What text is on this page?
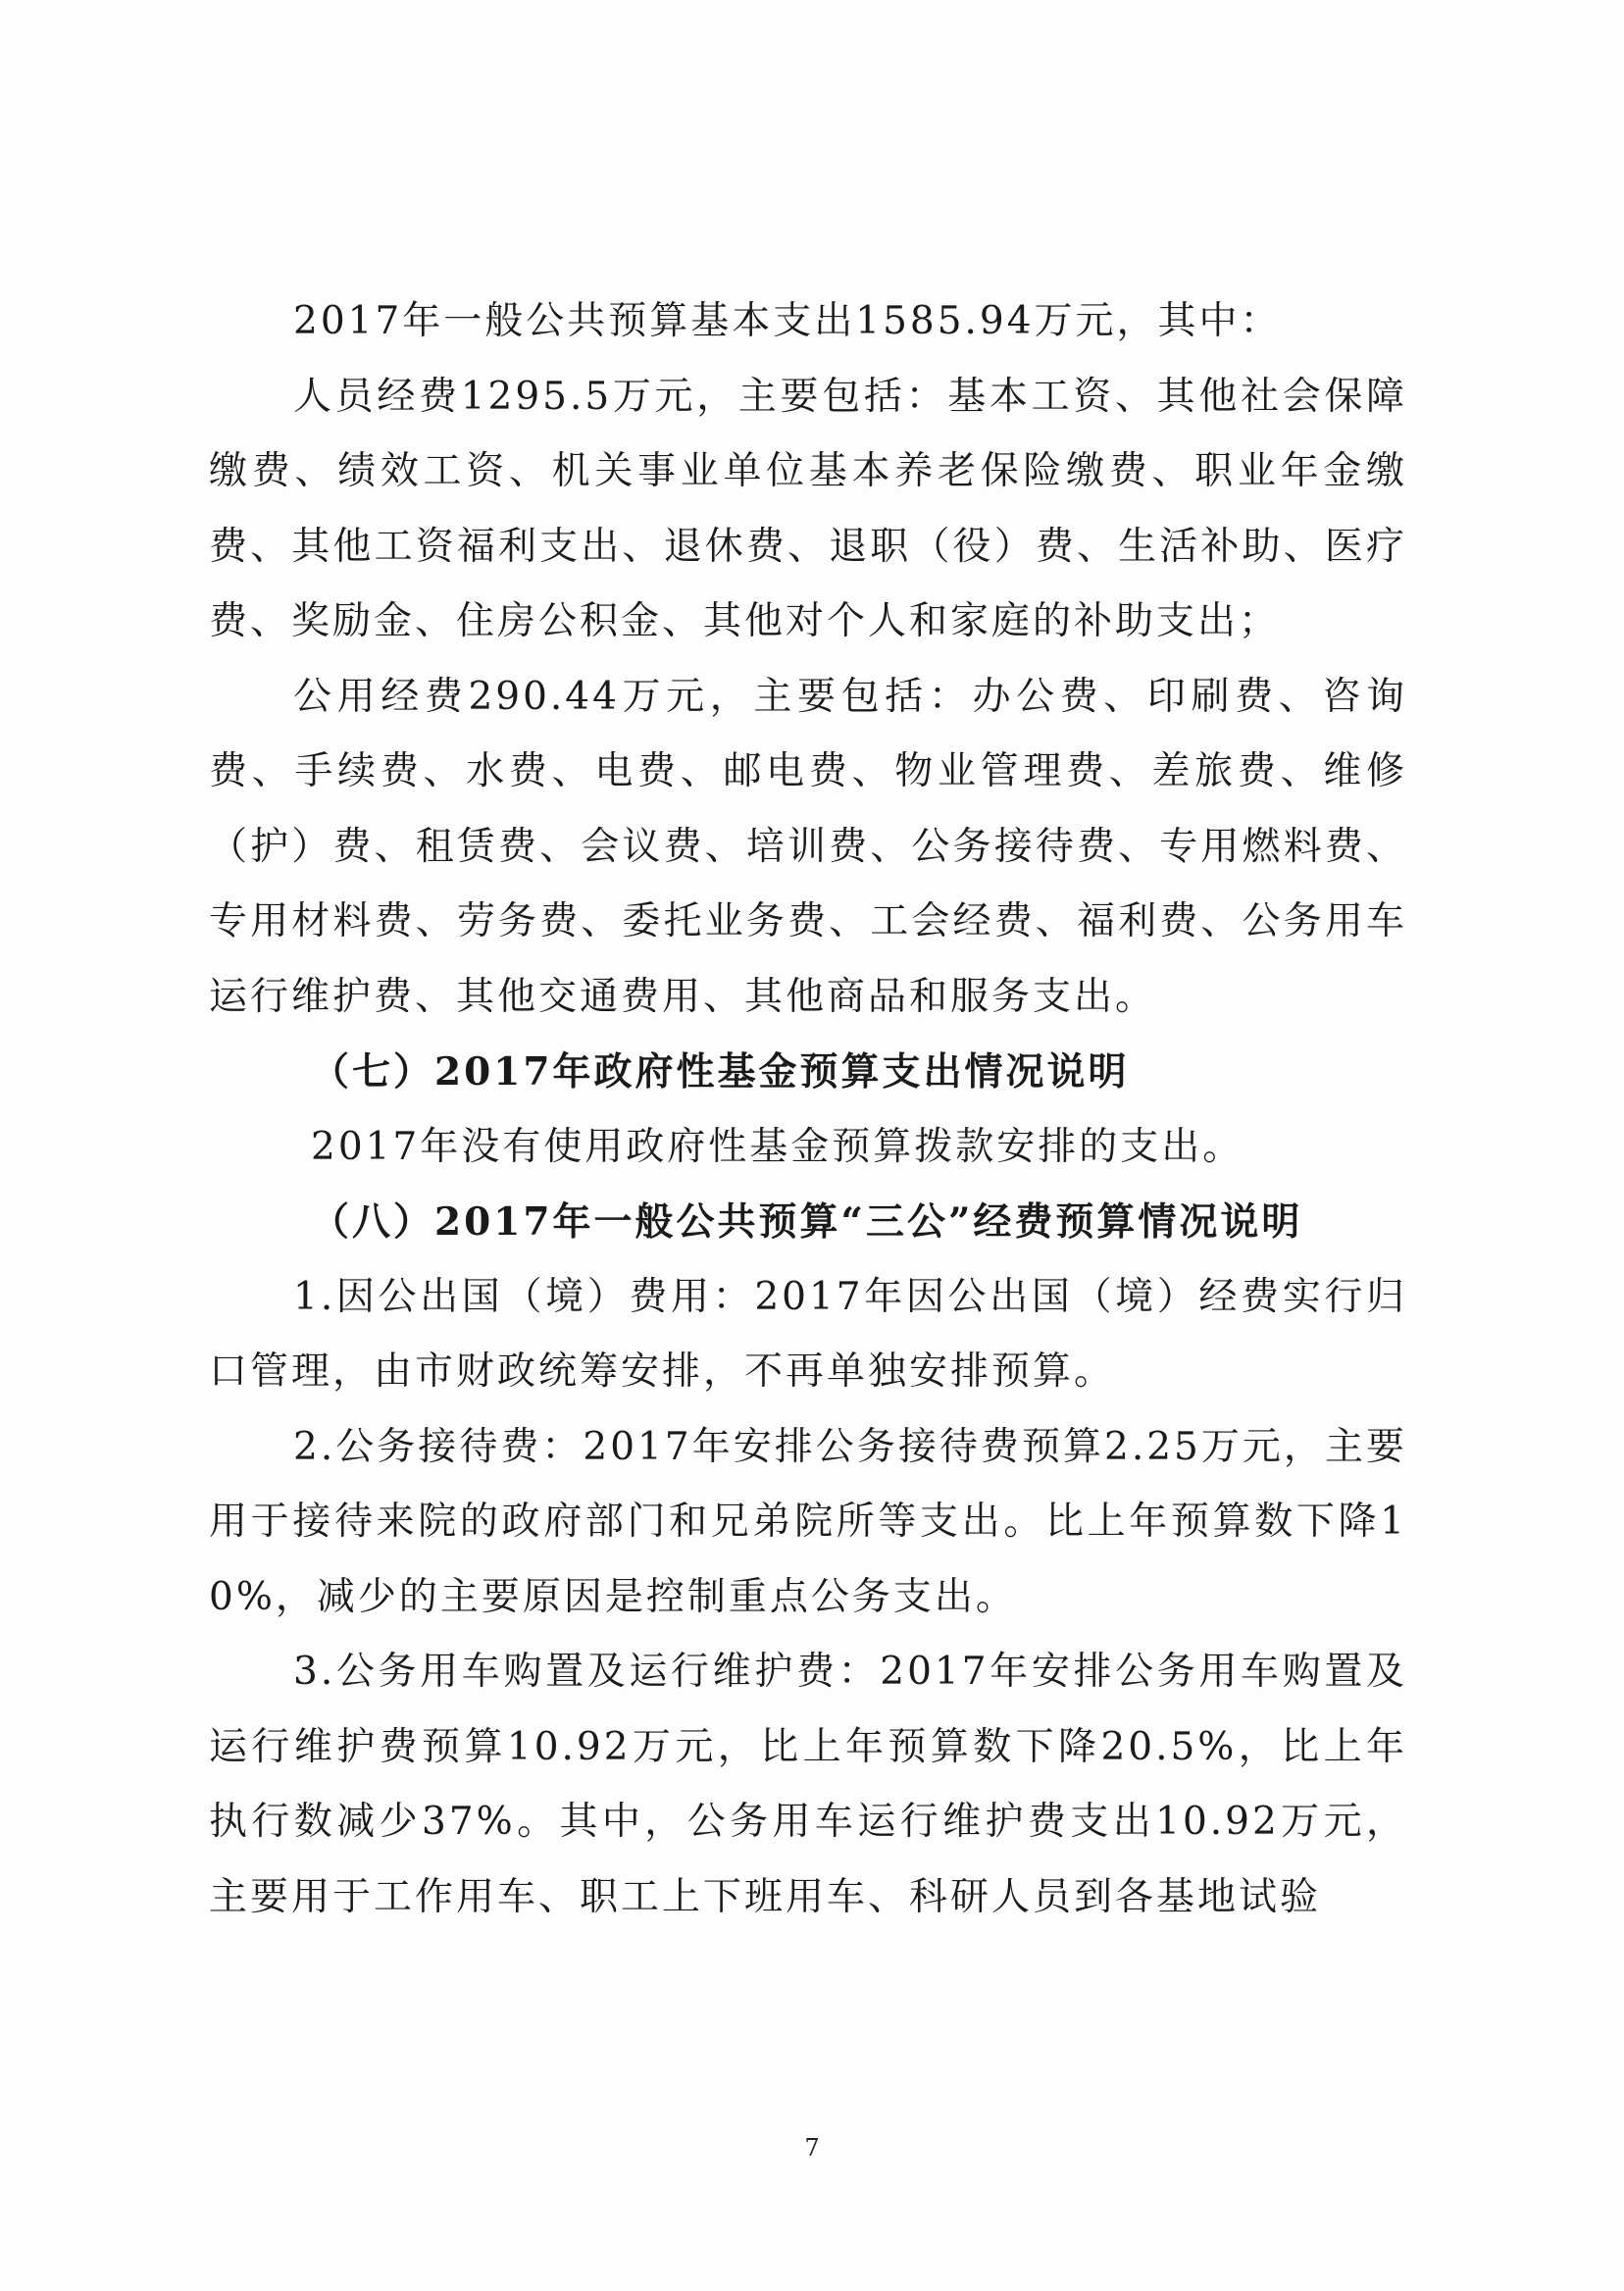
2017年一般公共预算基本支出1585.94万元，其中：

人员经费1295.5万元，主要包括：基本工资、其他社会保障缴费、绩效工资、机关事业单位基本养老保险缴费、职业年金缴费、其他工资福利支出、退休费、退职（役）费、生活补助、医疗费、奖励金、住房公积金、其他对个人和家庭的补助支出；

公用经费290.44万元，主要包括：办公费、印刷费、咨询费、手续费、水费、电费、邮电费、物业管理费、差旅费、维修（护）费、租赁费、会议费、培训费、公务接待费、专用燃料费、专用材料费、劳务费、委托业务费、工会经费、福利费、公务用车运行维护费、其他交通费用、其他商品和服务支出。

（七）2017年政府性基金预算支出情况说明

2017年没有使用政府性基金预算拨款安排的支出。

（八）2017年一般公共预算“三公”经费预算情况说明

1.因公出国（境）费用：2017年因公出国（境）经费实行归口管理，由市财政统筹安排，不再单独安排预算。

2.公务接待费：2017年安排公务接待费预算2.25万元，主要用于接待来院的政府部门和兄弟院所等支出。比上年预算数下降10%，减少的主要原因是控制重点公务支出。

3.公务用车购置及运行维护费：2017年安排公务用车购置及运行维护费预算10.92万元，比上年预算数下降20.5%，比上年执行数减少37%。其中，公务用车运行维护费支出10.92万元，主要用于工作用车、职工上下班用车、科研人员到各基地试验

7
